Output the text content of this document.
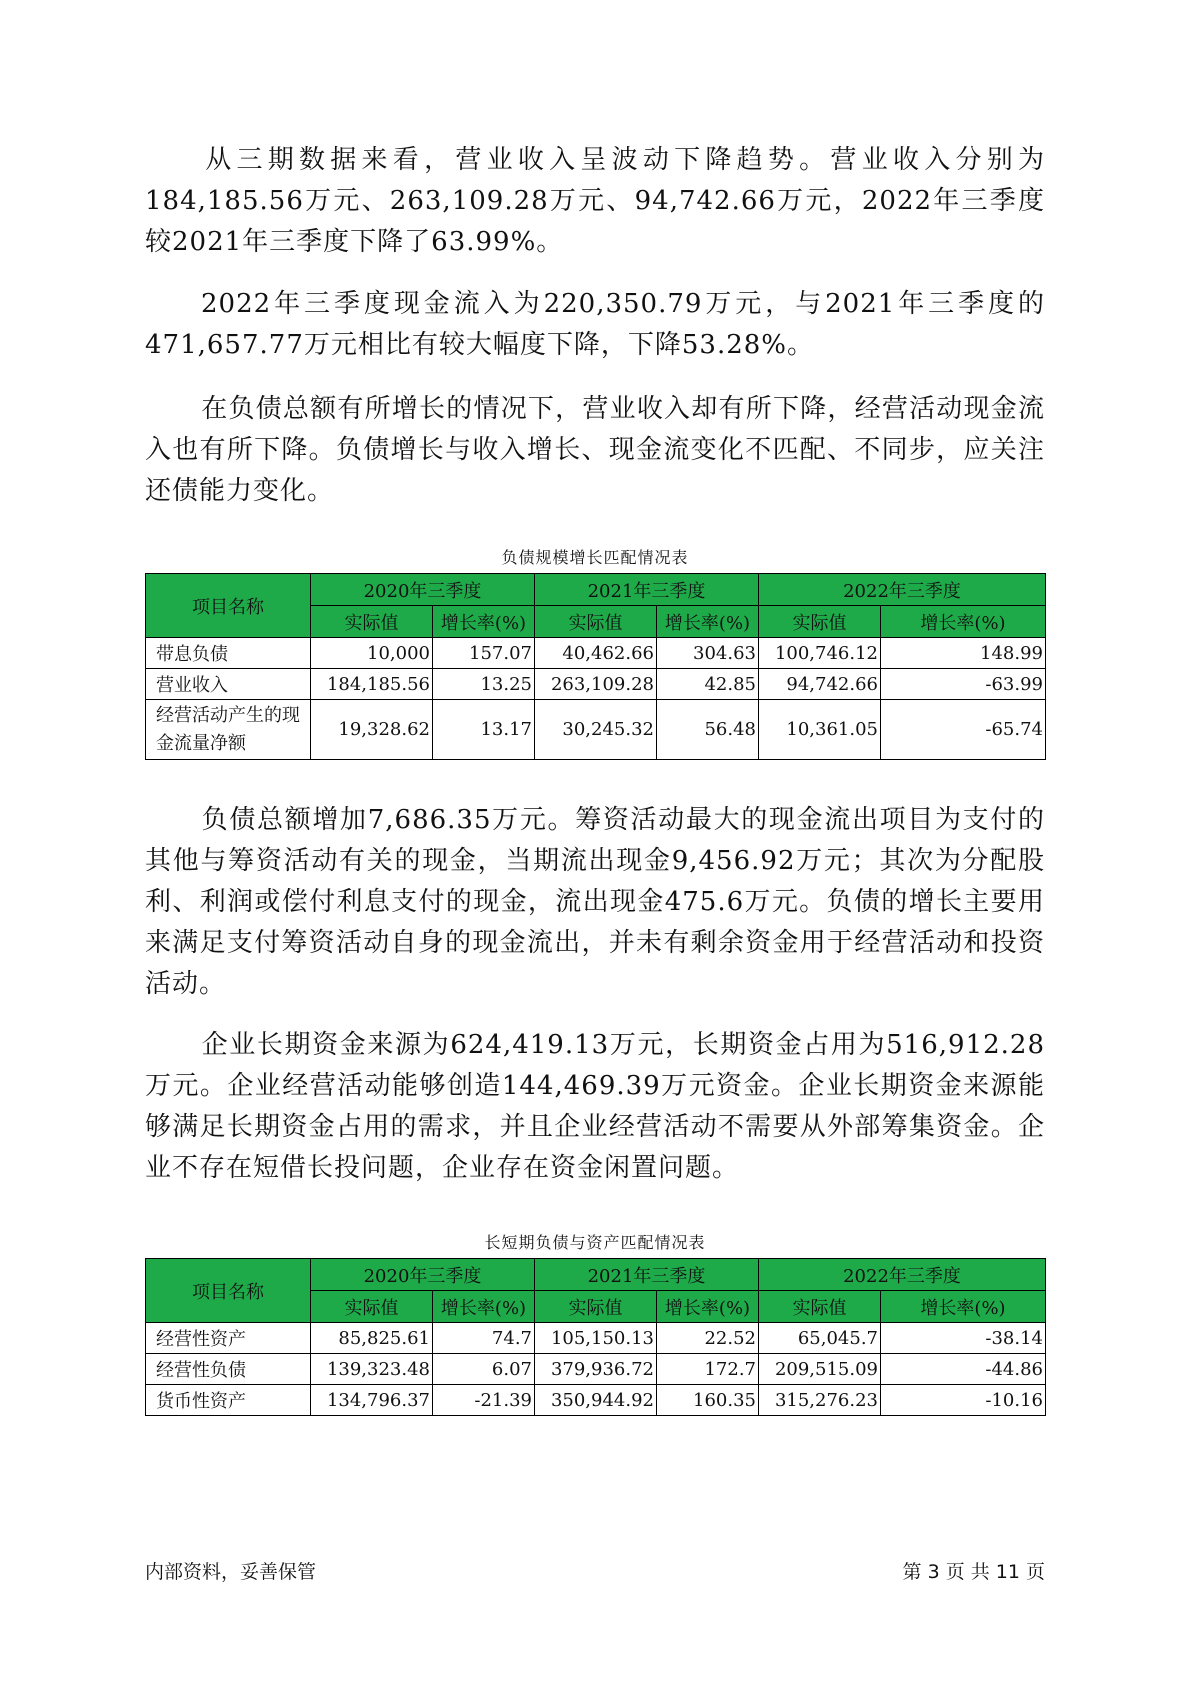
从三期数据来看，营业收入呈波动下降趋势。营业收入分别为184,185.56万元、263,109.28万元、94,742.66万元，2022年三季度较2021年三季度下降了63.99%。

2022年三季度现金流入为220,350.79万元，与2021年三季度的471,657.77万元相比有较大幅度下降，下降53.28%。

在负债总额有所增长的情况下，营业收入却有所下降，经营活动现金流入也有所下降。负债增长与收入增长、现金流变化不匹配、不同步，应关注还债能力变化。

负债规模增长匹配情况表
项目名称	2020年三季度		2021年三季度		2022年三季度	
	实际值	增长率(%)	实际值	增长率(%)	实际值	增长率(%)
带息负债	10,000	157.07	40,462.66	304.63	100,746.12	148.99
营业收入	184,185.56	13.25	263,109.28	42.85	94,742.66	-63.99
经营活动产生的现金流量净额	19,328.62	13.17	30,245.32	56.48	10,361.05	-65.74

负债总额增加7,686.35万元。筹资活动最大的现金流出项目为支付的其他与筹资活动有关的现金，当期流出现金9,456.92万元；其次为分配股利、利润或偿付利息支付的现金，流出现金475.6万元。负债的增长主要用来满足支付筹资活动自身的现金流出，并未有剩余资金用于经营活动和投资活动。

企业长期资金来源为624,419.13万元，长期资金占用为516,912.28万元。企业经营活动能够创造144,469.39万元资金。企业长期资金来源能够满足长期资金占用的需求，并且企业经营活动不需要从外部筹集资金。企业不存在短借长投问题，企业存在资金闲置问题。

长短期负债与资产匹配情况表
项目名称	2020年三季度		2021年三季度		2022年三季度	
	实际值	增长率(%)	实际值	增长率(%)	实际值	增长率(%)
经营性资产	85,825.61	74.7	105,150.13	22.52	65,045.7	-38.14
经营性负债	139,323.48	6.07	379,936.72	172.7	209,515.09	-44.86
货币性资产	134,796.37	-21.39	350,944.92	160.35	315,276.23	-10.16
内部资料，妥善保管	第 3 页 共 11 页
